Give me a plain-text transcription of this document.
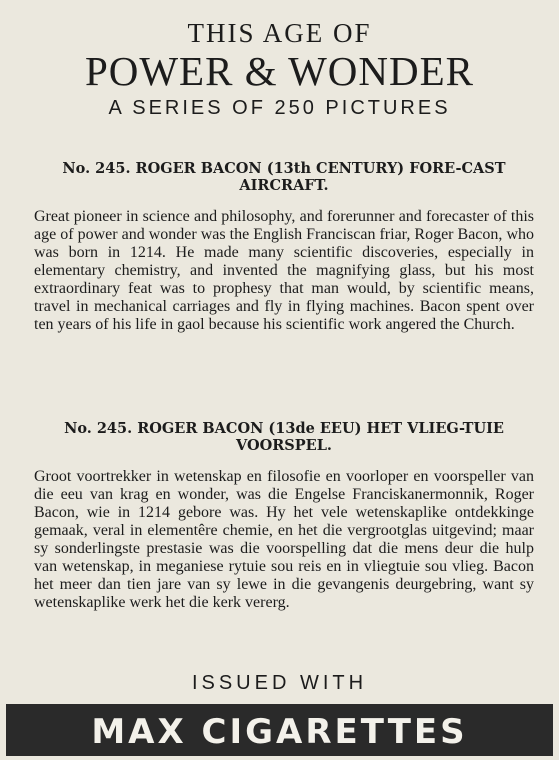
THIS AGE OF
POWER & WONDER
A SERIES OF 250 PICTURES
No. 245. ROGER BACON (13th CENTURY) FORE-CAST AIRCRAFT.
Great pioneer in science and philosophy, and forerunner and forecaster of this age of power and wonder was the English Franciscan friar, Roger Bacon, who was born in 1214. He made many scientific discoveries, especially in elementary chemistry, and invented the magnifying glass, but his most extraordinary feat was to prophesy that man would, by scientific means, travel in mechanical carriages and fly in flying machines. Bacon spent over ten years of his life in gaol because his scientific work angered the Church.
No. 245. ROGER BACON (13de EEU) HET VLIEG-TUIE VOORSPEL.
Groot voortrekker in wetenskap en filosofie en voorloper en voorspeller van die eeu van krag en wonder, was die Engelse Franciskanermonnik, Roger Bacon, wie in 1214 gebore was. Hy het vele wetenskaplike ontdekkinge gemaak, veral in elementêre chemie, en het die vergrootglas uitgevind; maar sy sonderlingste prestasie was die voorspelling dat die mens deur die hulp van wetenskap, in meganiese rytuie sou reis en in vliegtuie sou vlieg. Bacon het meer dan tien jare van sy lewe in die gevangenis deurgebring, want sy wetenskaplike werk het die kerk vererg.
ISSUED WITH
MAX CIGARETTES
